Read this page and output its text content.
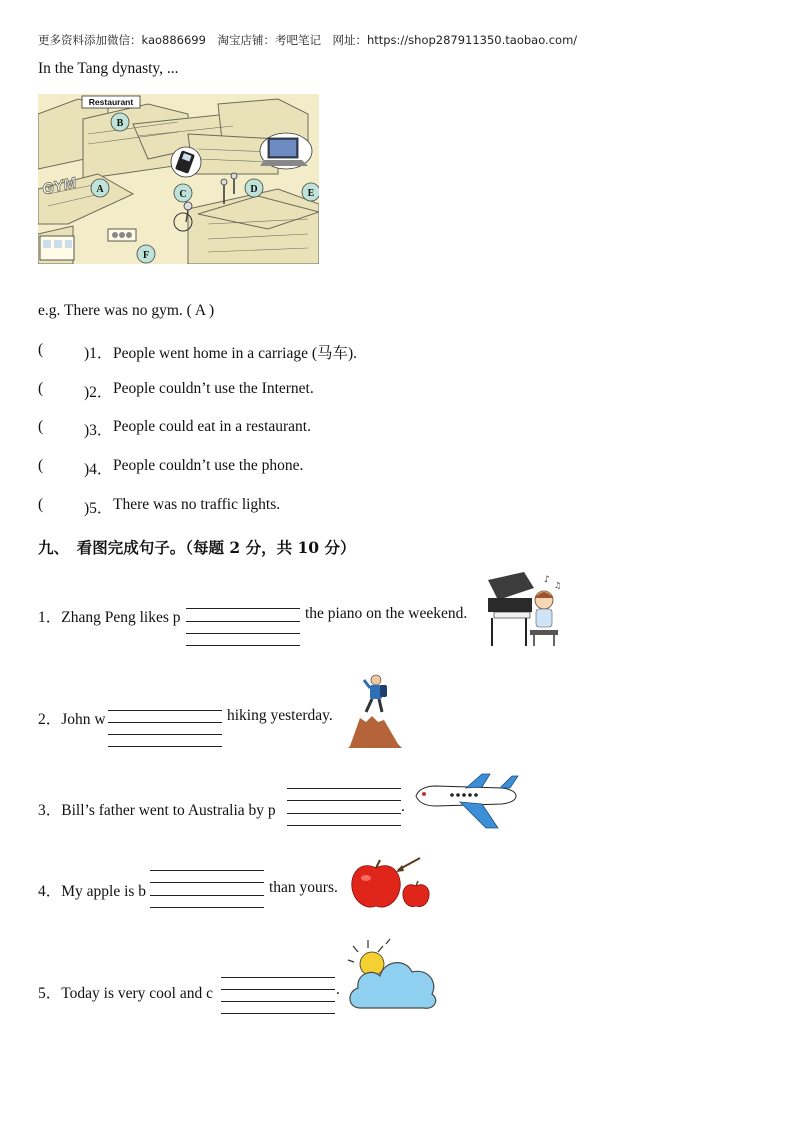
更多资料添加微信：kao886699　淘宝店铺：考吧笔记　网址：https://shop287911350.taobao.com/
In the Tang dynasty, ...
Restaurant
GYM A
B
C	D	E
F
e.g. There was no gym. ( A )
(	)1． People went home in a carriage (马车).
(	)2． People couldn’t use the Internet.
(	)3． People could eat in a restaurant.
(	)4． People couldn’t use the phone.
(	)5． There was no traffic lights.
九、　看图完成句子。（每题 2 分，共 10 分）
1．Zhang Peng likes p	the piano on the weekend.
♪
♫
2．John w	hiking yesterday.
3．Bill’s father went to Australia by p	.
4．My apple is b	than yours.
5．Today is very cool and c	.
